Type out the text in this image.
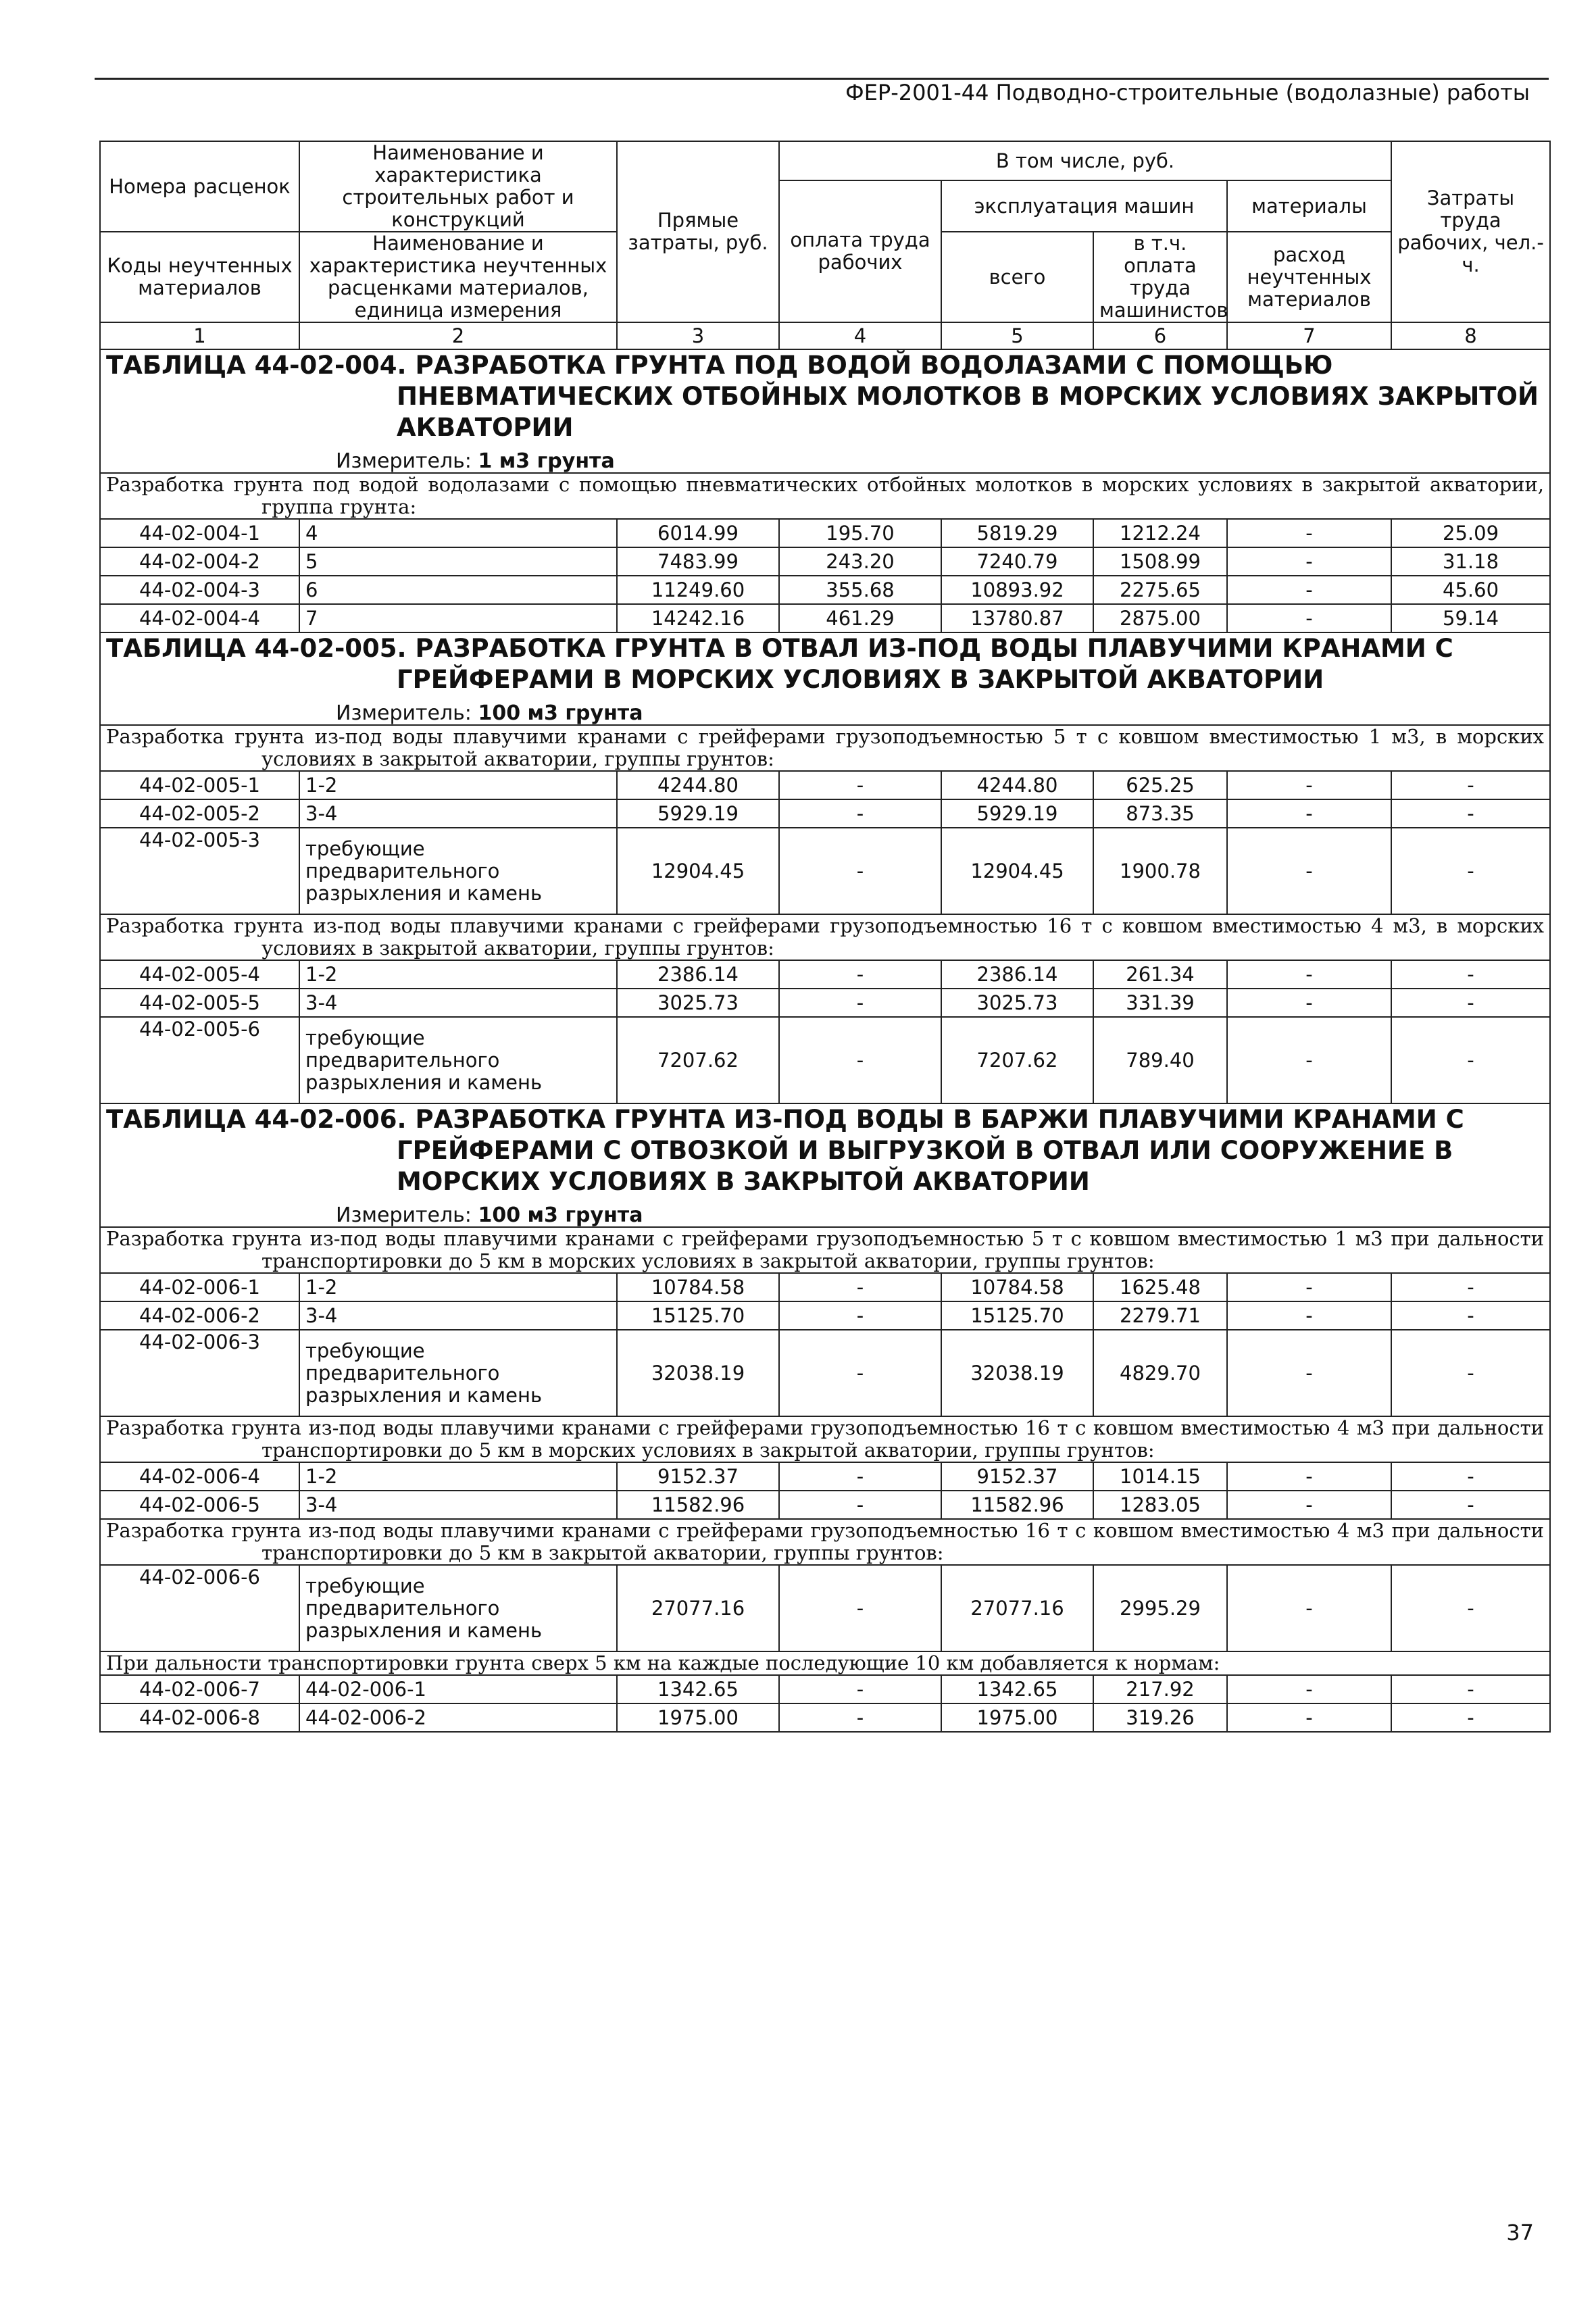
ФЕР-2001-44 Подводно-строительные (водолазные) работы
Номера расценок	Наименование и характеристика строительных работ и конструкций	Прямые затраты, руб.	В том числе, руб.				Затраты труда рабочих, чел.-ч.
			оплата труда рабочих	эксплуатация машин		материалы	
Коды неучтенных материалов	Наименование и характеристика неучтенных расценками материалов, единица измерения			всего	в т.ч. оплата труда машинистов	расход неучтенных материалов	

1	2	3	4	5	6	7	8

ТАБЛИЦА 44-02-004. РАЗРАБОТКА ГРУНТА ПОД ВОДОЙ ВОДОЛАЗАМИ С ПОМОЩЬЮ ПНЕВМАТИЧЕСКИХ ОТБОЙНЫХ МОЛОТКОВ В МОРСКИХ УСЛОВИЯХ ЗАКРЫТОЙ АКВАТОРИИ
Измеритель: 1 м3 грунта							

Разработка грунта под водой водолазами с помощью пневматических отбойных молотков в морских условиях в закрытой акватории, группа грунта:							

44-02-004-1	4	6014.99	195.70	5819.29	1212.24	-	25.09
44-02-004-2	5	7483.99	243.20	7240.79	1508.99	-	31.18
44-02-004-3	6	11249.60	355.68	10893.92	2275.65	-	45.60
44-02-004-4	7	14242.16	461.29	13780.87	2875.00	-	59.14

ТАБЛИЦА 44-02-005. РАЗРАБОТКА ГРУНТА В ОТВАЛ ИЗ-ПОД ВОДЫ ПЛАВУЧИМИ КРАНАМИ С ГРЕЙФЕРАМИ В МОРСКИХ УСЛОВИЯХ В ЗАКРЫТОЙ АКВАТОРИИ
Измеритель: 100 м3 грунта							

Разработка грунта из-под воды плавучими кранами с грейферами грузоподъемностью 5 т с ковшом вместимостью 1 м3, в морских условиях в закрытой акватории, группы грунтов:							

44-02-005-1	1-2	4244.80	-	4244.80	625.25	-	-
44-02-005-2	3-4	5929.19	-	5929.19	873.35	-	-
44-02-005-3	требующие предварительного разрыхления и камень	12904.45	-	12904.45	1900.78	-	-

Разработка грунта из-под воды плавучими кранами с грейферами грузоподъемностью 16 т с ковшом вместимостью 4 м3, в морских условиях в закрытой акватории, группы грунтов:							

44-02-005-4	1-2	2386.14	-	2386.14	261.34	-	-
44-02-005-5	3-4	3025.73	-	3025.73	331.39	-	-
44-02-005-6	требующие предварительного разрыхления и камень	7207.62	-	7207.62	789.40	-	-

ТАБЛИЦА 44-02-006. РАЗРАБОТКА ГРУНТА ИЗ-ПОД ВОДЫ В БАРЖИ ПЛАВУЧИМИ КРАНАМИ С ГРЕЙФЕРАМИ С ОТВОЗКОЙ И ВЫГРУЗКОЙ В ОТВАЛ ИЛИ СООРУЖЕНИЕ В МОРСКИХ УСЛОВИЯХ В ЗАКРЫТОЙ АКВАТОРИИ
Измеритель: 100 м3 грунта							

Разработка грунта из-под воды плавучими кранами с грейферами грузоподъемностью 5 т с ковшом вместимостью 1 м3 при дальности транспортировки до 5 км в морских условиях в закрытой акватории, группы грунтов:							

44-02-006-1	1-2	10784.58	-	10784.58	1625.48	-	-
44-02-006-2	3-4	15125.70	-	15125.70	2279.71	-	-
44-02-006-3	требующие предварительного разрыхления и камень	32038.19	-	32038.19	4829.70	-	-

Разработка грунта из-под воды плавучими кранами с грейферами грузоподъемностью 16 т с ковшом вместимостью 4 м3 при дальности транспортировки до 5 км в морских условиях в закрытой акватории, группы грунтов:							

44-02-006-4	1-2	9152.37	-	9152.37	1014.15	-	-
44-02-006-5	3-4	11582.96	-	11582.96	1283.05	-	-

Разработка грунта из-под воды плавучими кранами с грейферами грузоподъемностью 16 т с ковшом вместимостью 4 м3 при дальности транспортировки до 5 км в закрытой акватории, группы грунтов:							

44-02-006-6	требующие предварительного разрыхления и камень	27077.16	-	27077.16	2995.29	-	-

При дальности транспортировки грунта сверх 5 км на каждые последующие 10 км добавляется к нормам:							

44-02-006-7	44-02-006-1	1342.65	-	1342.65	217.92	-	-
44-02-006-8	44-02-006-2	1975.00	-	1975.00	319.26	-	-
37
